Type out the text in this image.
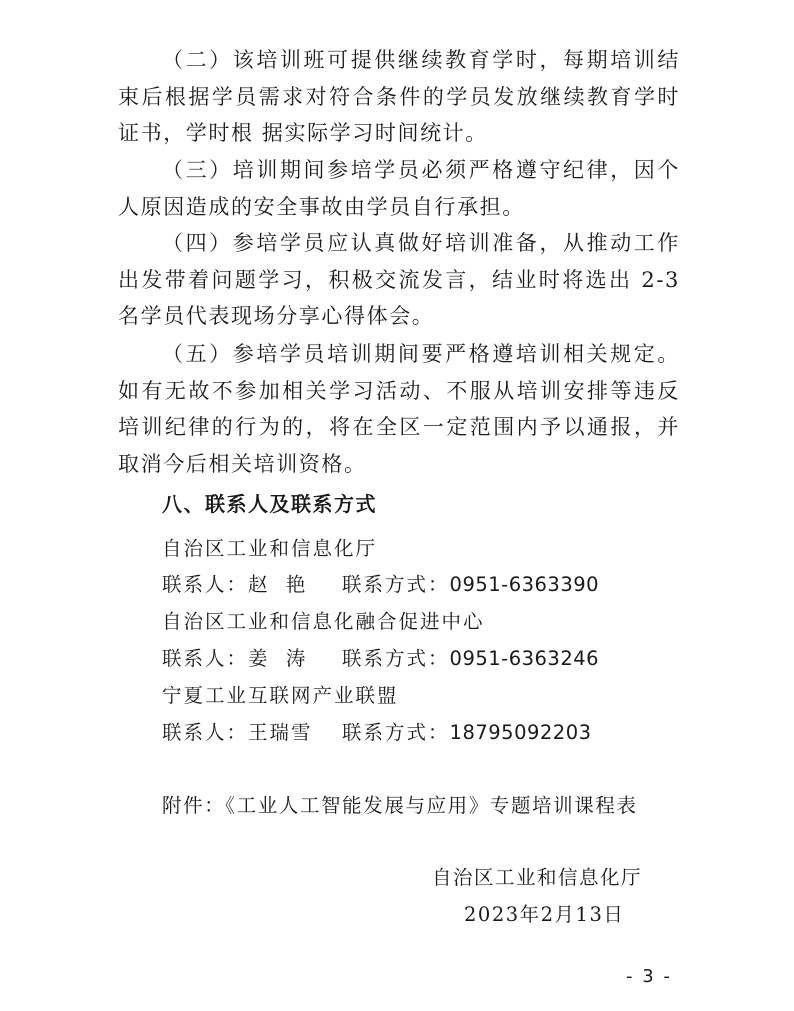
（二）该培训班可提供继续教育学时，每期培训结束后根据学员需求对符合条件的学员发放继续教育学时证书，学时根 据实际学习时间统计。

（三）培训期间参培学员必须严格遵守纪律，因个人原因造成的安全事故由学员自行承担。

（四）参培学员应认真做好培训准备，从推动工作出发带着问题学习，积极交流发言，结业时将选出 2-3 名学员代表现场分享心得体会。

（五）参培学员培训期间要严格遵培训相关规定。如有无故不参加相关学习活动、不服从培训安排等违反培训纪律的行为的，将在全区一定范围内予以通报，并取消今后相关培训资格。

八、联系人及联系方式

自治区工业和信息化厅

联系人：赵  艳 联系方式：0951-6363390

自治区工业和信息化融合促进中心

联系人：姜  涛 联系方式：0951-6363246

宁夏工业互联网产业联盟

联系人：王瑞雪 联系方式：18795092203

附件：《工业人工智能发展与应用》专题培训课程表

自治区工业和信息化厅

2023年2月13日

- 3 -
